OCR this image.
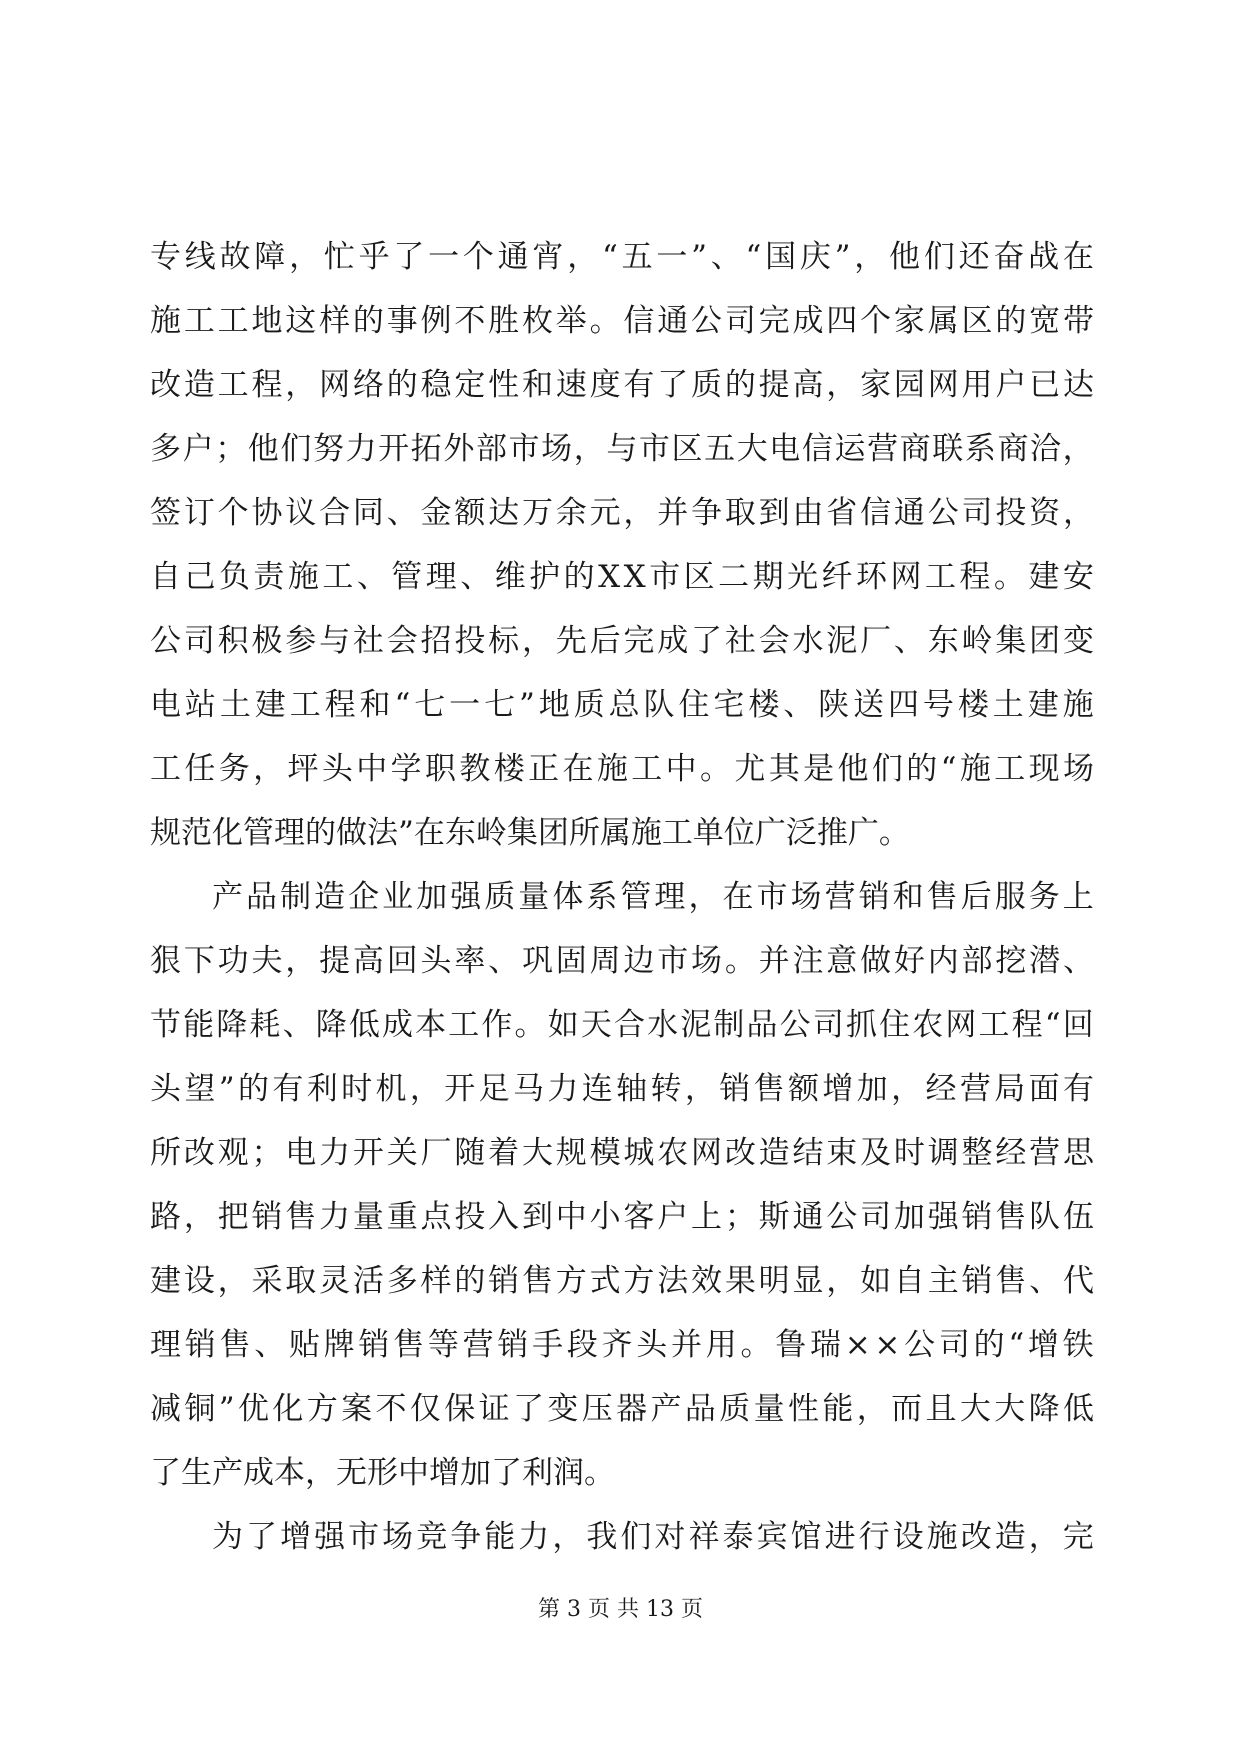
专 线 故 障 ， 忙 乎 了 一 个 通 宵 ， “ 五 一 ” 、 “ 国 庆 ” ， 他 们 还 奋 战 在
施 工 工 地 这 样 的 事 例 不 胜 枚 举 。 信 通 公 司 完 成 四 个 家 属 区 的 宽 带
改 造 工 程 ， 网 络 的 稳 定 性 和 速 度 有 了 质 的 提 高 ， 家 园 网 用 户 已 达
多 户 ； 他 们 努 力 开 拓 外 部 市 场 ， 与 市 区 五 大 电 信 运 营 商 联 系 商 洽 ，
签 订 个 协 议 合 同 、 金 额 达 万 余 元 ， 并 争 取 到 由 省 信 通 公 司 投 资 ，
自 己 负 责 施 工 、 管 理 、 维 护 的 X X 市 区 二 期 光 纤 环 网 工 程 。 建 安
公 司 积 极 参 与 社 会 招 投 标 ， 先 后 完 成 了 社 会 水 泥 厂 、 东 岭 集 团 变
电 站 土 建 工 程 和 “ 七 一 七 ” 地 质 总 队 住 宅 楼 、 陕 送 四 号 楼 土 建 施
工 任 务 ， 坪 头 中 学 职 教 楼 正 在 施 工 中 。 尤 其 是 他 们 的 “ 施 工 现 场
规 范 化 管 理 的 做 法 ” 在 东 岭 集 团 所 属 施 工 单 位 广 泛 推 广 。
产 品 制 造 企 业 加 强 质 量 体 系 管 理 ， 在 市 场 营 销 和 售 后 服 务 上
狠 下 功 夫 ， 提 高 回 头 率 、 巩 固 周 边 市 场 。 并 注 意 做 好 内 部 挖 潜 、
节 能 降 耗 、 降 低 成 本 工 作 。 如 天 合 水 泥 制 品 公 司 抓 住 农 网 工 程 “ 回
头 望 ” 的 有 利 时 机 ， 开 足 马 力 连 轴 转 ， 销 售 额 增 加 ， 经 营 局 面 有
所 改 观 ； 电 力 开 关 厂 随 着 大 规 模 城 农 网 改 造 结 束 及 时 调 整 经 营 思
路 ， 把 销 售 力 量 重 点 投 入 到 中 小 客 户 上 ； 斯 通 公 司 加 强 销 售 队 伍
建 设 ， 采 取 灵 活 多 样 的 销 售 方 式 方 法 效 果 明 显 ， 如 自 主 销 售 、 代
理 销 售 、 贴 牌 销 售 等 营 销 手 段 齐 头 并 用 。 鲁 瑞 × × 公 司 的 “ 增 铁
减 铜 ” 优 化 方 案 不 仅 保 证 了 变 压 器 产 品 质 量 性 能 ， 而 且 大 大 降 低
了 生 产 成 本 ， 无 形 中 增 加 了 利 润 。
为 了 增 强 市 场 竞 争 能 力 ， 我 们 对 祥 泰 宾 馆 进 行 设 施 改 造 ， 完
第 3 页 共 13 页
